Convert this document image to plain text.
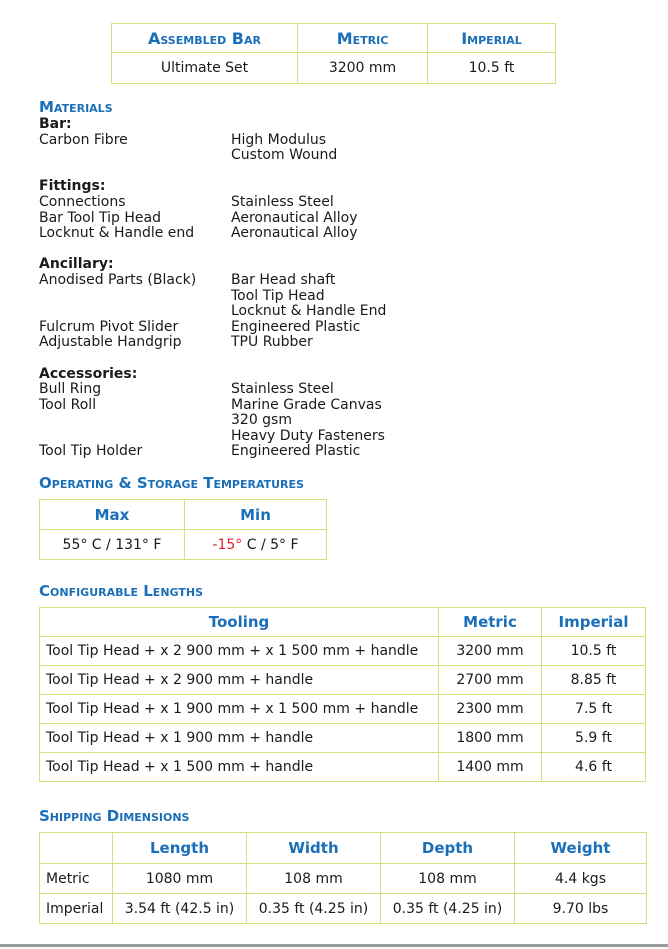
Assembled Bar	Metric	Imperial
Ultimate Set	3200 mm	10.5 ft
Materials
Bar:
Carbon Fibre	High Modulus
Custom Wound
Fittings:
Connections	Stainless Steel
Bar Tool Tip Head	Aeronautical Alloy
Locknut & Handle end	Aeronautical Alloy
Ancillary:
Anodised Parts (Black)	Bar Head shaft
Tool Tip Head
Locknut & Handle End
Fulcrum Pivot Slider	Engineered Plastic
Adjustable Handgrip	TPU Rubber
Accessories:
Bull Ring	Stainless Steel
Tool Roll	Marine Grade Canvas
320 gsm
Heavy Duty Fasteners
Tool Tip Holder	Engineered Plastic
Operating & Storage Temperatures
Max	Min
55° C / 131° F	-15° C / 5° F
Configurable Lengths
Tooling	Metric	Imperial
Tool Tip Head + x 2 900 mm + x 1 500 mm + handle	3200 mm	10.5 ft
Tool Tip Head + x 2 900 mm + handle	2700 mm	8.85 ft
Tool Tip Head + x 1 900 mm + x 1 500 mm + handle	2300 mm	7.5 ft
Tool Tip Head + x 1 900 mm + handle	1800 mm	5.9 ft
Tool Tip Head + x 1 500 mm + handle	1400 mm	4.6 ft
Shipping Dimensions
	Length	Width	Depth	Weight
Metric	1080 mm	108 mm	108 mm	4.4 kgs
Imperial	3.54 ft (42.5 in)	0.35 ft (4.25 in)	0.35 ft (4.25 in)	9.70 lbs
